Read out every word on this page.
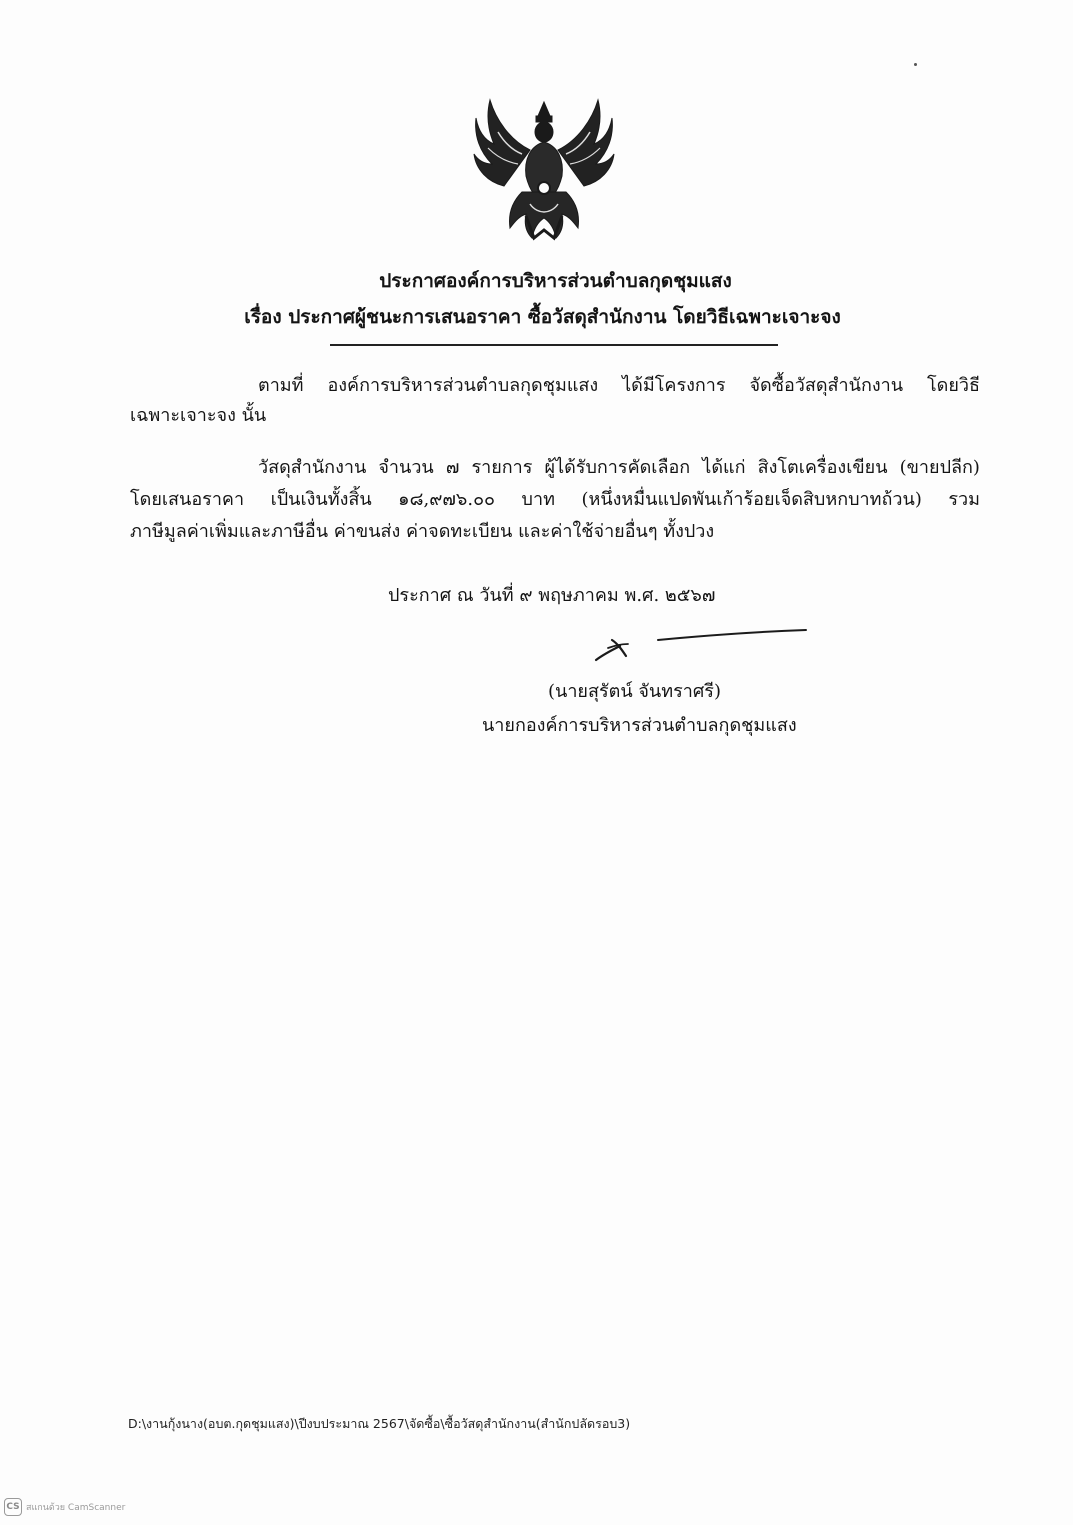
ประกาศองค์การบริหารส่วนตำบลกุดชุมแสง
เรื่อง ประกาศผู้ชนะการเสนอราคา ซื้อวัสดุสำนักงาน โดยวิธีเฉพาะเจาะจง
ตามที่ องค์การบริหารส่วนตำบลกุดชุมแสง ได้มีโครงการ จัดซื้อวัสดุสำนักงาน โดยวิธี
เฉพาะเจาะจง นั้น
วัสดุสำนักงาน จำนวน ๗ รายการ ผู้ได้รับการคัดเลือก ได้แก่ สิงโตเครื่องเขียน (ขายปลีก)
โดยเสนอราคา เป็นเงินทั้งสิ้น ๑๘,๙๗๖.๐๐ บาท (หนึ่งหมื่นแปดพันเก้าร้อยเจ็ดสิบหกบาทถ้วน) รวม
ภาษีมูลค่าเพิ่มและภาษีอื่น ค่าขนส่ง ค่าจดทะเบียน และค่าใช้จ่ายอื่นๆ ทั้งปวง
ประกาศ ณ วันที่ ๙ พฤษภาคม พ.ศ. ๒๕๖๗
(นายสุรัตน์ จันทราศรี)
นายกองค์การบริหารส่วนตำบลกุดชุมแสง
D:\งานกุ้งนาง(อบต.กุดชุมแสง)\ปีงบประมาณ 2567\จัดซื้อ\ซื้อวัสดุสำนักงาน(สำนักปลัดรอบ3)
CS สแกนด้วย CamScanner
